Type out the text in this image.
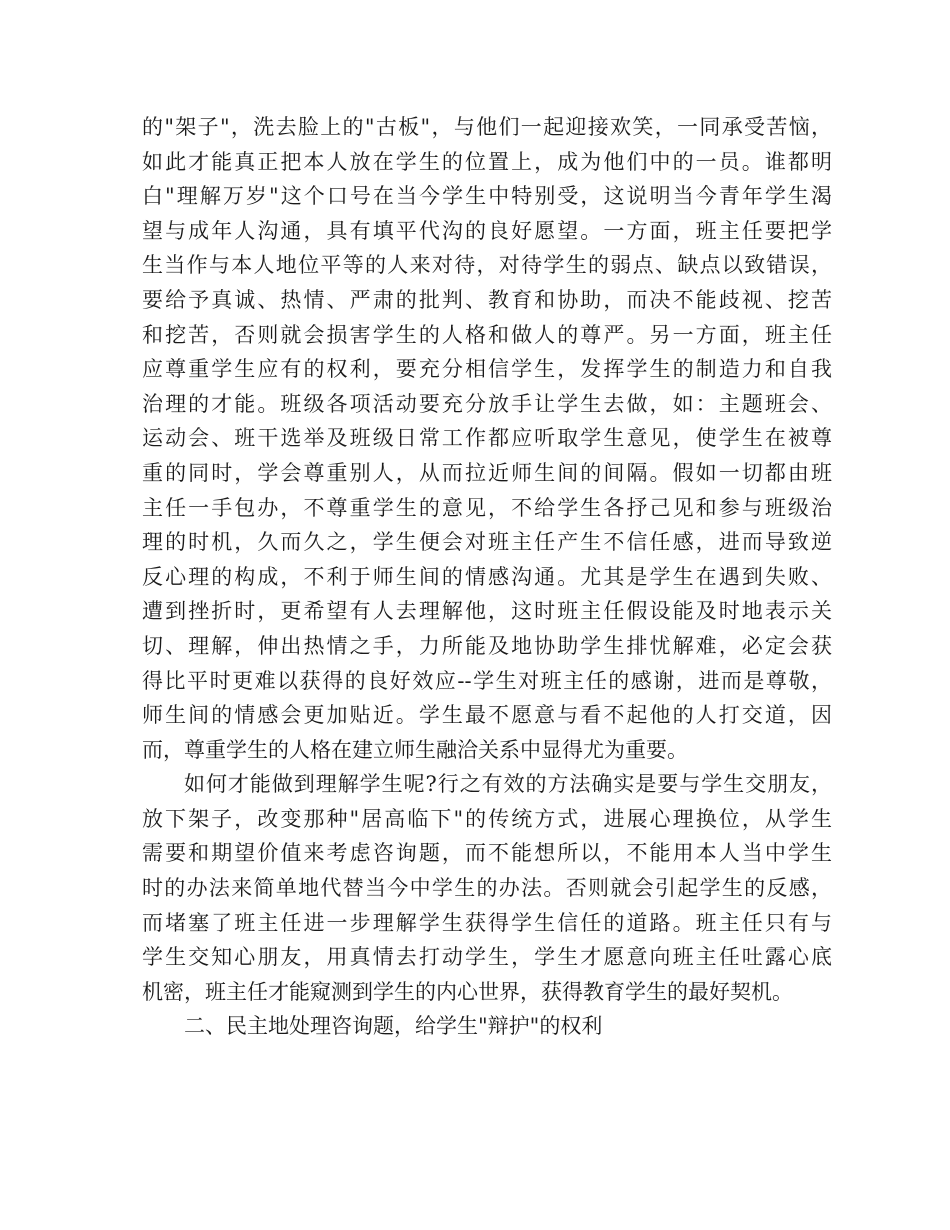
的"架子"，洗去脸上的"古板"，与他们一起迎接欢笑，一同承受苦恼，
如此才能真正把本人放在学生的位置上，成为他们中的一员。谁都明
白"理解万岁"这个口号在当今学生中特别受，这说明当今青年学生渴
望与成年人沟通，具有填平代沟的良好愿望。一方面，班主任要把学
生当作与本人地位平等的人来对待，对待学生的弱点、缺点以致错误，
要给予真诚、热情、严肃的批判、教育和协助，而决不能歧视、挖苦
和挖苦，否则就会损害学生的人格和做人的尊严。另一方面，班主任
应尊重学生应有的权利，要充分相信学生，发挥学生的制造力和自我
治理的才能。班级各项活动要充分放手让学生去做，如：主题班会、
运动会、班干选举及班级日常工作都应听取学生意见，使学生在被尊
重的同时，学会尊重别人，从而拉近师生间的间隔。假如一切都由班
主任一手包办，不尊重学生的意见，不给学生各抒己见和参与班级治
理的时机，久而久之，学生便会对班主任产生不信任感，进而导致逆
反心理的构成，不利于师生间的情感沟通。尤其是学生在遇到失败、
遭到挫折时，更希望有人去理解他，这时班主任假设能及时地表示关
切、理解，伸出热情之手，力所能及地协助学生排忧解难，必定会获
得比平时更难以获得的良好效应--学生对班主任的感谢，进而是尊敬，
师生间的情感会更加贴近。学生最不愿意与看不起他的人打交道，因
而，尊重学生的人格在建立师生融洽关系中显得尤为重要。
如何才能做到理解学生呢?行之有效的方法确实是要与学生交朋友，
放下架子，改变那种"居高临下"的传统方式，进展心理换位，从学生
需要和期望价值来考虑咨询题，而不能想所以，不能用本人当中学生
时的办法来简单地代替当今中学生的办法。否则就会引起学生的反感，
而堵塞了班主任进一步理解学生获得学生信任的道路。班主任只有与
学生交知心朋友，用真情去打动学生，学生才愿意向班主任吐露心底
机密，班主任才能窥测到学生的内心世界，获得教育学生的最好契机。
二、民主地处理咨询题，给学生"辩护"的权利
